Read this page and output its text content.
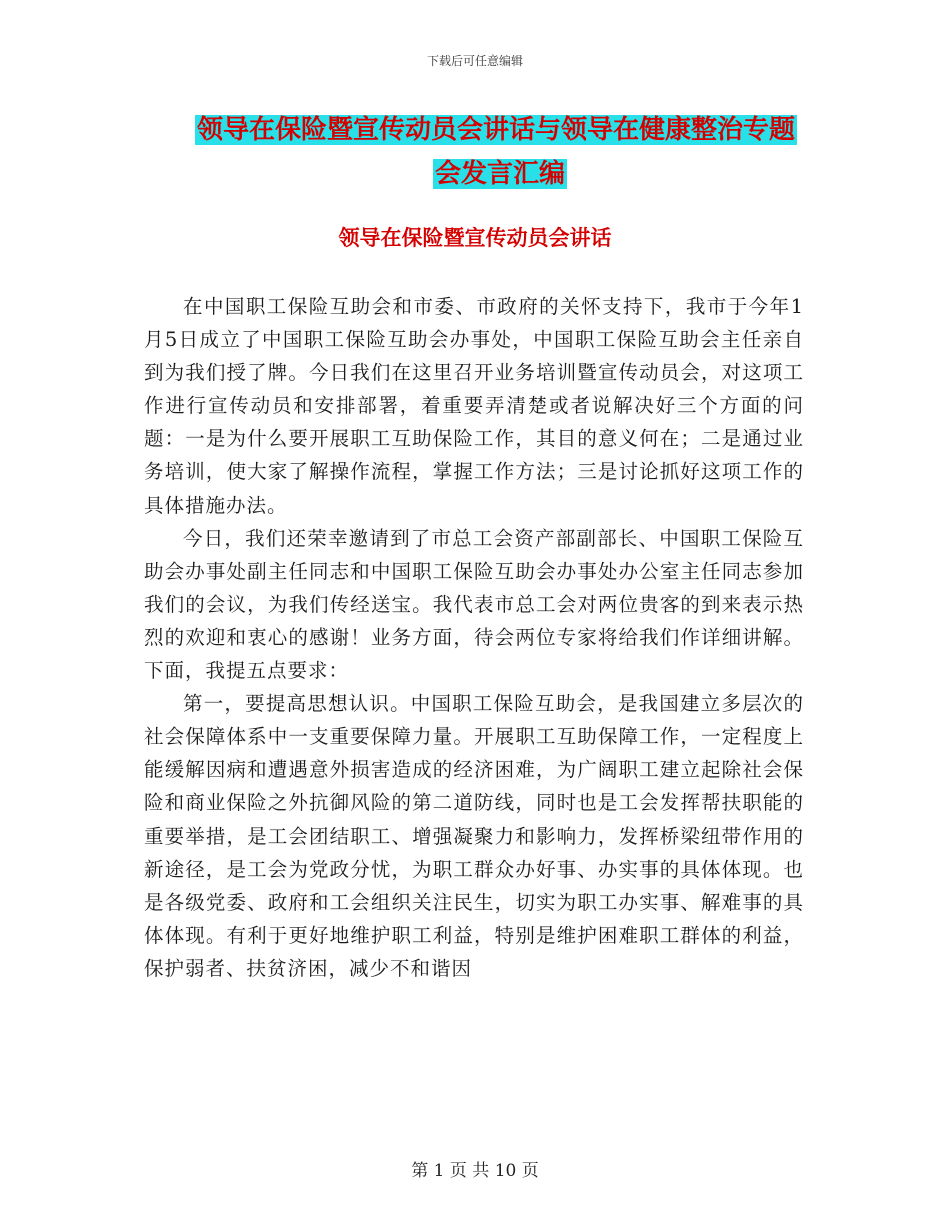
下载后可任意编辑
领导在保险暨宣传动员会讲话与领导在健康整治专题
会发言汇编
领导在保险暨宣传动员会讲话

在中国职工保险互助会和市委、市政府的关怀支持下，我市于今年1月5日成立了中国职工保险互助会办事处，中国职工保险互助会主任亲自到为我们授了牌。今日我们在这里召开业务培训暨宣传动员会，对这项工作进行宣传动员和安排部署，着重要弄清楚或者说解决好三个方面的问题：一是为什么要开展职工互助保险工作，其目的意义何在；二是通过业务培训，使大家了解操作流程，掌握工作方法；三是讨论抓好这项工作的具体措施办法。

今日，我们还荣幸邀请到了市总工会资产部副部长、中国职工保险互助会办事处副主任同志和中国职工保险互助会办事处办公室主任同志参加我们的会议，为我们传经送宝。我代表市总工会对两位贵客的到来表示热烈的欢迎和衷心的感谢！业务方面，待会两位专家将给我们作详细讲解。下面，我提五点要求：

第一，要提高思想认识。中国职工保险互助会，是我国建立多层次的社会保障体系中一支重要保障力量。开展职工互助保障工作，一定程度上能缓解因病和遭遇意外损害造成的经济困难，为广阔职工建立起除社会保险和商业保险之外抗御风险的第二道防线，同时也是工会发挥帮扶职能的重要举措，是工会团结职工、增强凝聚力和影响力，发挥桥梁纽带作用的新途径，是工会为党政分忧，为职工群众办好事、办实事的具体体现。也是各级党委、政府和工会组织关注民生，切实为职工办实事、解难事的具体体现。有利于更好地维护职工利益，特别是维护困难职工群体的利益，保护弱者、扶贫济困，减少不和谐因

第 1 页 共 10 页
